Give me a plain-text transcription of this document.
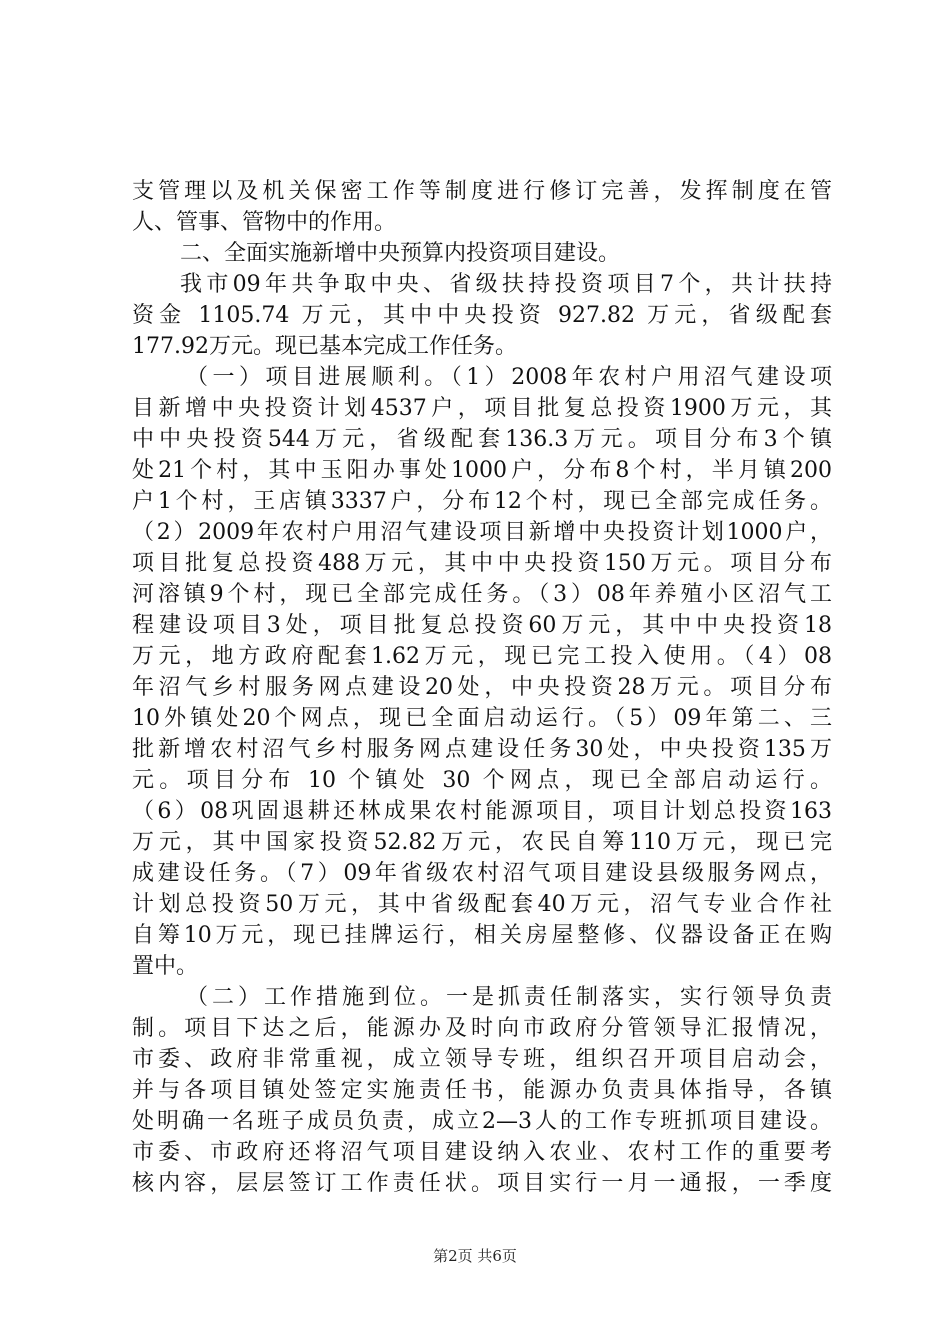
支管理以及机关保密工作等制度进行修订完善，发挥制度在管
人、管事、管物中的作用。
二、全面实施新增中央预算内投资项目建设。
我市09年共争取中央、省级扶持投资项目7个，共计扶持
资金 1105.74 万元，其中中央投资 927.82 万元，省级配套
177.92万元。现已基本完成工作任务。
（一）项目进展顺利。（1）2008年农村户用沼气建设项
目新增中央投资计划4537户，项目批复总投资1900万元，其
中中央投资544万元，省级配套136.3万元。项目分布3个镇
处21个村，其中玉阳办事处1000户，分布8个村，半月镇200
户1个村，王店镇3337户，分布12个村，现已全部完成任务。
（2）2009年农村户用沼气建设项目新增中央投资计划1000户，
项目批复总投资488万元，其中中央投资150万元。项目分布
河溶镇9个村，现已全部完成任务。（3）08年养殖小区沼气工
程建设项目3处，项目批复总投资60万元，其中中央投资18
万元，地方政府配套1.62万元，现已完工投入使用。（4）08
年沼气乡村服务网点建设20处，中央投资28万元。项目分布
10外镇处20个网点，现已全面启动运行。（5）09年第二、三
批新增农村沼气乡村服务网点建设任务30处，中央投资135万
元。项目分布 10 个镇处 30 个网点，现已全部启动运行。
（6）08巩固退耕还林成果农村能源项目，项目计划总投资163
万元，其中国家投资52.82万元，农民自筹110万元，现已完
成建设任务。（7）09年省级农村沼气项目建设县级服务网点，
计划总投资50万元，其中省级配套40万元，沼气专业合作社
自筹10万元，现已挂牌运行，相关房屋整修、仪器设备正在购
置中。
（二）工作措施到位。一是抓责任制落实，实行领导负责
制。项目下达之后，能源办及时向市政府分管领导汇报情况，
市委、政府非常重视，成立领导专班，组织召开项目启动会，
并与各项目镇处签定实施责任书，能源办负责具体指导，各镇
处明确一名班子成员负责，成立2—3人的工作专班抓项目建设。
市委、市政府还将沼气项目建设纳入农业、农村工作的重要考
核内容，层层签订工作责任状。项目实行一月一通报，一季度
第2页 共6页
